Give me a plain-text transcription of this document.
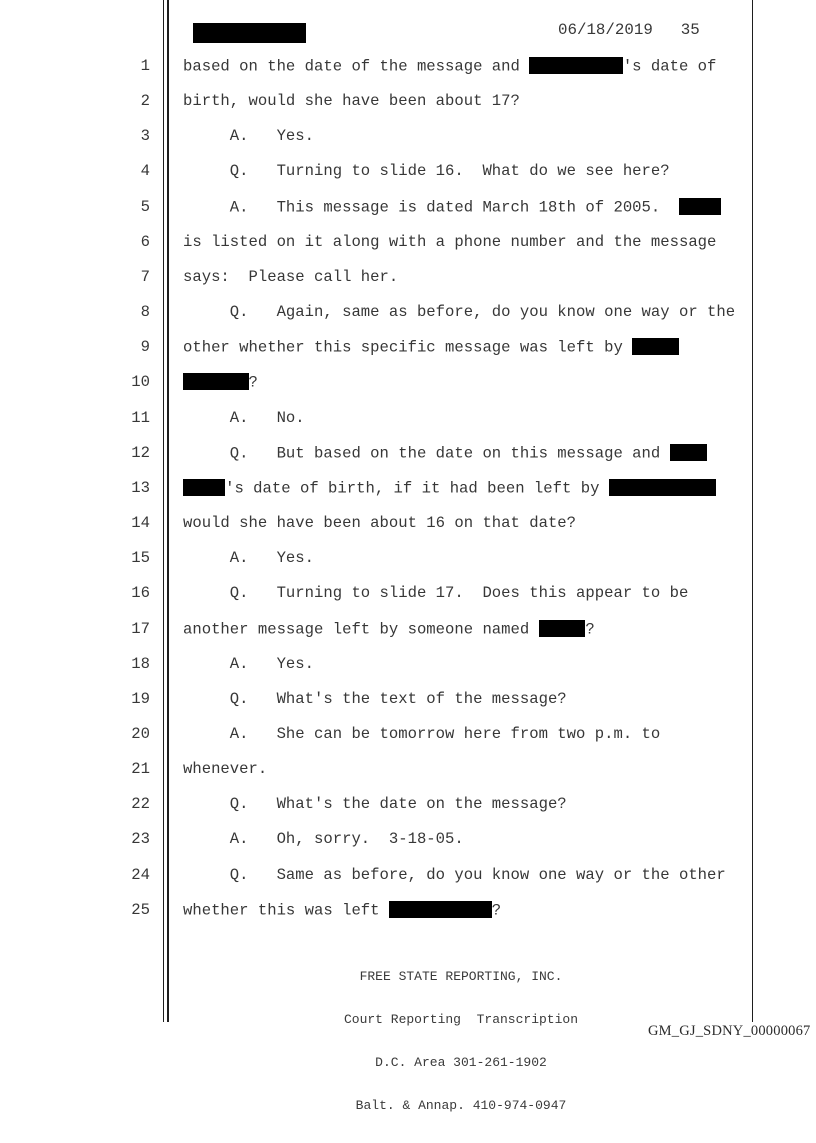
06/18/2019 35
1 based on the date of the message and	's date of
2 birth, would she have been about 17?
3 A.   Yes.
4 Q.   Turning to slide 16.  What do we see here?
5 A.   This message is dated March 18th of 2005.
6 is listed on it along with a phone number and the message
7 says:  Please call her.
8 Q.   Again, same as before, do you know one way or the
9 other whether this specific message was left by
10	?
11 A.   No.
12 Q.   But based on the date on this message and
13	's date of birth, if it had been left by
14 would she have been about 16 on that date?
15 A.   Yes.
16 Q.   Turning to slide 17.  Does this appear to be
17 another message left by someone named	?
18 A.   Yes.
19 Q.   What's the text of the message?
20 A.   She can be tomorrow here from two p.m. to
21 whenever.
22 Q.   What's the date on the message?
23 A.   Oh, sorry.  3-18-05.
24 Q.   Same as before, do you know one way or the other
25 whether this was left	?

FREE STATE REPORTING, INC.

Court Reporting  Transcription

D.C. Area 301-261-1902

Balt. & Annap. 410-974-0947

GM_GJ_SDNY_00000067
